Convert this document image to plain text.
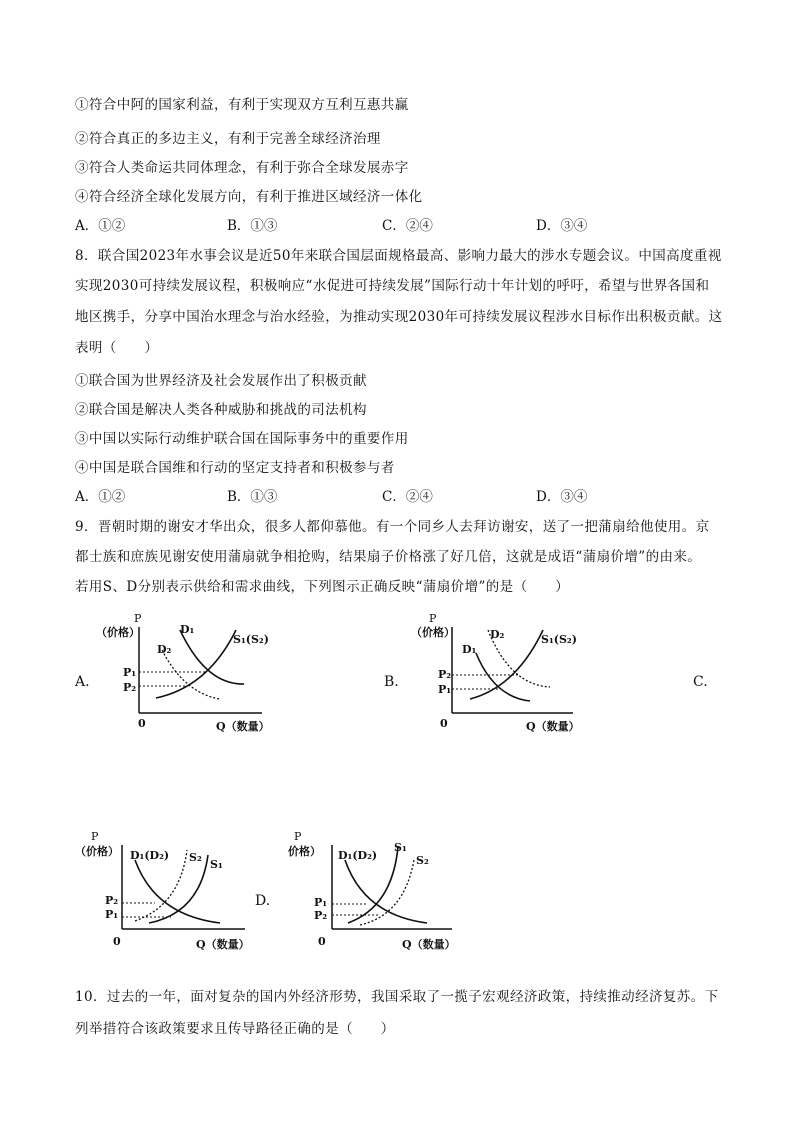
①符合中阿的国家利益，有利于实现双方互利互惠共赢
②符合真正的多边主义，有利于完善全球经济治理
③符合人类命运共同体理念，有利于弥合全球发展赤字
④符合经济全球化发展方向，有利于推进区域经济一体化
A．①②	B．①③	C．②④	D．③④
8．联合国2023年水事会议是近50年来联合国层面规格最高、影响力最大的涉水专题会议。中国高度重视
实现2030可持续发展议程，积极响应“水促进可持续发展”国际行动十年计划的呼吁，希望与世界各国和
地区携手，分享中国治水理念与治水经验，为推动实现2030年可持续发展议程涉水目标作出积极贡献。这
表明（　　）
①联合国为世界经济及社会发展作出了积极贡献
②联合国是解决人类各种威胁和挑战的司法机构
③中国以实际行动维护联合国在国际事务中的重要作用
④中国是联合国维和行动的坚定支持者和积极参与者
A．①②	B．①③	C．②④	D．③④
9．晋朝时期的谢安才华出众，很多人都仰慕他。有一个同乡人去拜访谢安，送了一把蒲扇给他使用。京
都士族和庶族见谢安使用蒲扇就争相抢购，结果扇子价格涨了好几倍，这就是成语“蒲扇价增”的由来。
若用S、D分别表示供给和需求曲线，下列图示正确反映“蒲扇价增”的是（　　）
A.	B.	C.
D.
P
（价格）
0	Q（数量）
D₁
D₂
S₁(S₂)
P₁
P₂
P
（价格）
0	Q（数量）
D₂
D₁
S₁(S₂)
P₂
P₁
P
（价格）
0	Q（数量）
D₁(D₂) S₂
S₁
P₂
P₁
P
价格）
0	Q（数量）
D₁(D₂)
S₁
S₂
P₁
P₂
10．过去的一年，面对复杂的国内外经济形势，我国采取了一揽子宏观经济政策，持续推动经济复苏。下
列举措符合该政策要求且传导路径正确的是（　　）
